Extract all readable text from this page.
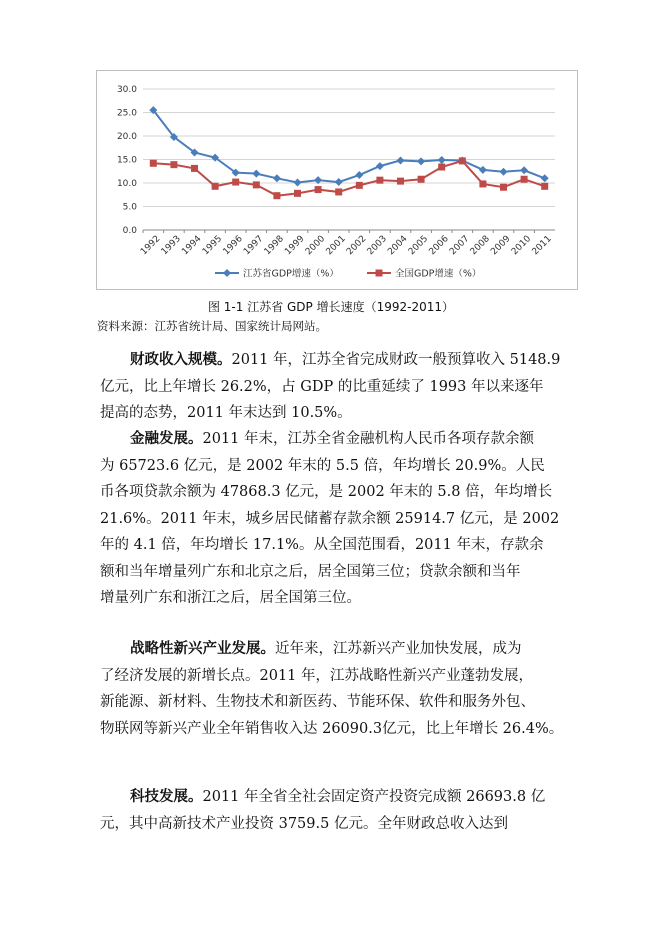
30.0
25.0
20.0
15.0
10.0
5.0
0.0
1992
1993
1994
1995
1996
1997
1998
1999
2000
2001
2002
2003
2004
2005
2006
2007
2008
2009
2010
2011
江苏省GDP增速（%）	全国GDP增速（%）
图 1-1 江苏省 GDP 增长速度（1992-2011）
资料来源：江苏省统计局、国家统计局网站。
财政收入规模。2011 年，江苏全省完成财政一般预算收入 5148.9
亿元，比上年增长 26.2%，占 GDP 的比重延续了 1993 年以来逐年
提高的态势，2011 年末达到 10.5%。
金融发展。2011 年末，江苏全省金融机构人民币各项存款余额
为 65723.6 亿元，是 2002 年末的 5.5 倍，年均增长 20.9%。人民
币各项贷款余额为 47868.3 亿元，是 2002 年末的 5.8 倍，年均增长
21.6%。2011 年末，城乡居民储蓄存款余额 25914.7 亿元，是 2002
年的 4.1 倍，年均增长 17.1%。从全国范围看，2011 年末，存款余
额和当年增量列广东和北京之后，居全国第三位；贷款余额和当年
增量列广东和浙江之后，居全国第三位。
战略性新兴产业发展。近年来，江苏新兴产业加快发展，成为
了经济发展的新增长点。2011 年，江苏战略性新兴产业蓬勃发展，
新能源、新材料、生物技术和新医药、节能环保、软件和服务外包、
物联网等新兴产业全年销售收入达 26090.3亿元，比上年增长 26.4%。
科技发展。2011 年全省全社会固定资产投资完成额 26693.8 亿
元，其中高新技术产业投资 3759.5 亿元。全年财政总收入达到
